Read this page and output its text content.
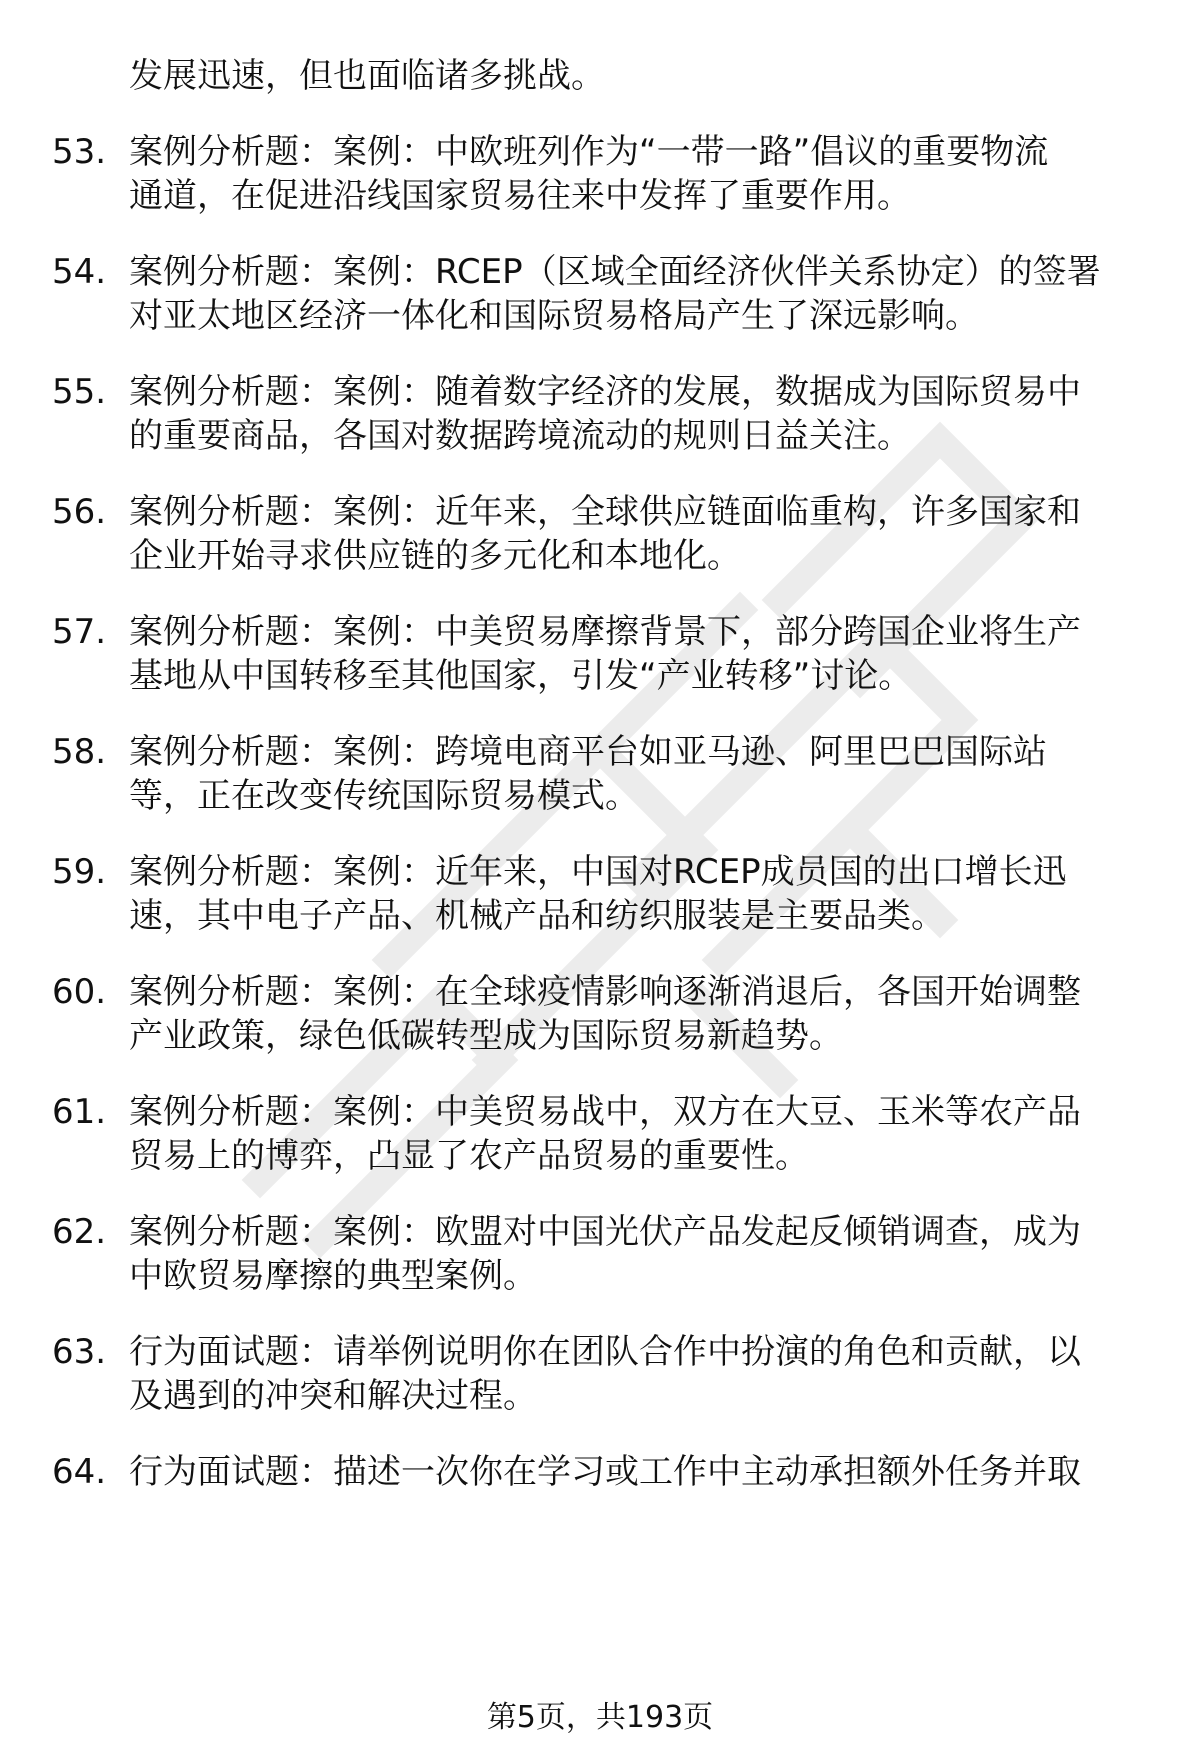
发展迅速，但也面临诸多挑战。
53. 案例分析题：案例：中欧班列作为“一带一路”倡议的重要物流
通道，在促进沿线国家贸易往来中发挥了重要作用。
54. 案例分析题：案例：RCEP（区域全面经济伙伴关系协定）的签署
对亚太地区经济一体化和国际贸易格局产生了深远影响。
55. 案例分析题：案例：随着数字经济的发展，数据成为国际贸易中
的重要商品，各国对数据跨境流动的规则日益关注。
56. 案例分析题：案例：近年来，全球供应链面临重构，许多国家和
企业开始寻求供应链的多元化和本地化。
57. 案例分析题：案例：中美贸易摩擦背景下，部分跨国企业将生产
基地从中国转移至其他国家，引发“产业转移”讨论。
58. 案例分析题：案例：跨境电商平台如亚马逊、阿里巴巴国际站
等，正在改变传统国际贸易模式。
59. 案例分析题：案例：近年来，中国对RCEP成员国的出口增长迅
速，其中电子产品、机械产品和纺织服装是主要品类。
60. 案例分析题：案例：在全球疫情影响逐渐消退后，各国开始调整
产业政策，绿色低碳转型成为国际贸易新趋势。
61. 案例分析题：案例：中美贸易战中，双方在大豆、玉米等农产品
贸易上的博弈，凸显了农产品贸易的重要性。
62. 案例分析题：案例：欧盟对中国光伏产品发起反倾销调查，成为
中欧贸易摩擦的典型案例。
63. 行为面试题：请举例说明你在团队合作中扮演的角色和贡献，以
及遇到的冲突和解决过程。
64. 行为面试题：描述一次你在学习或工作中主动承担额外任务并取
第5页，共193页
